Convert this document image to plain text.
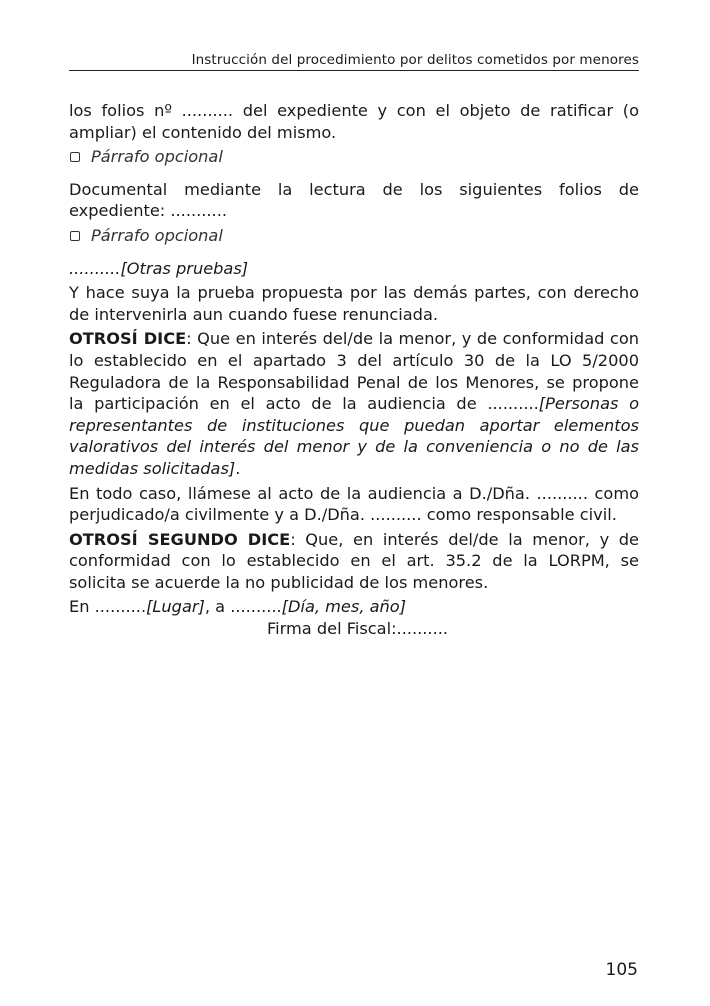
Instrucción del procedimiento por delitos cometidos por menores

los folios nº .......... del expediente y con el objeto de ratificar (o ampliar) el contenido del mismo.

Párrafo opcional

Documental mediante la lectura de los siguientes folios de expediente: ...........

Párrafo opcional

..........[Otras pruebas]

Y hace suya la prueba propuesta por las demás partes, con derecho de intervenirla aun cuando fuese renunciada.

OTROSÍ DICE: Que en interés del/de la menor, y de conformidad con lo establecido en el apartado 3 del artículo 30 de la LO 5/2000 Reguladora de la Responsabilidad Penal de los Menores, se propone la participación en el acto de la audiencia de ..........[Personas o representantes de instituciones que puedan aportar elementos valorativos del interés del menor y de la conveniencia o no de las medidas solicitadas].

En todo caso, llámese al acto de la audiencia a D./Dña. .......... como perjudicado/a civilmente y a D./Dña. .......... como responsable civil.

OTROSÍ SEGUNDO DICE: Que, en interés del/de la menor, y de conformidad con lo establecido en el art. 35.2 de la LORPM, se solicita se acuerde la no publicidad de los menores.

En ..........[Lugar], a ..........[Día, mes, año]

Firma del Fiscal:..........

105
